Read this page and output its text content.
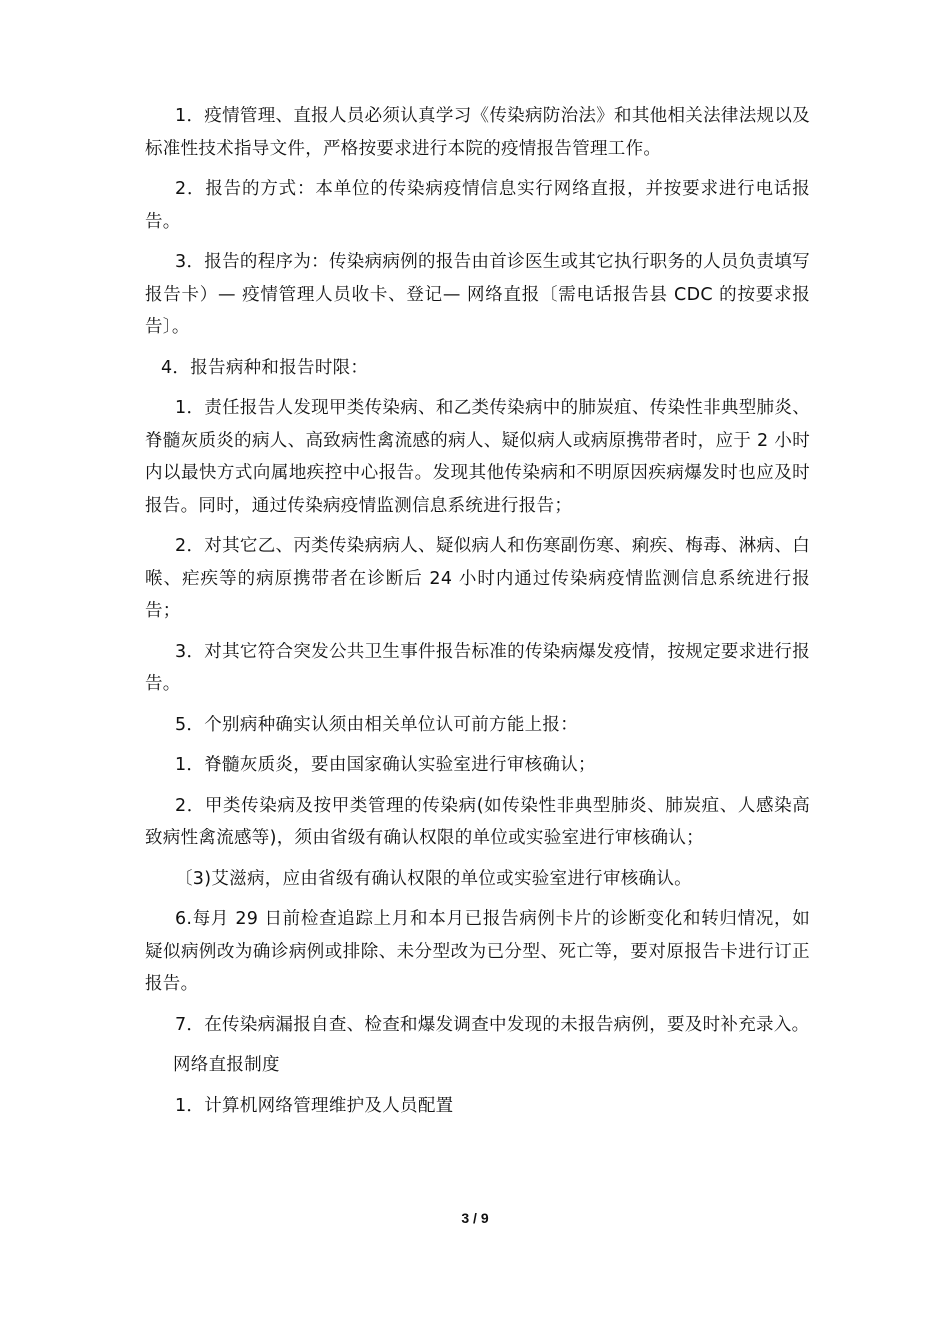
1．疫情管理、直报人员必须认真学习《传染病防治法》和其他相关法律法规以及标准性技术指导文件，严格按要求进行本院的疫情报告管理工作。

2．报告的方式：本单位的传染病疫情信息实行网络直报，并按要求进行电话报告。

3．报告的程序为：传染病病例的报告由首诊医生或其它执行职务的人员负责填写报告卡）— 疫情管理人员收卡、登记— 网络直报〔需电话报告县 CDC 的按要求报告〕。

4．报告病种和报告时限：

1．责任报告人发现甲类传染病、和乙类传染病中的肺炭疽、传染性非典型肺炎、脊髓灰质炎的病人、高致病性禽流感的病人、疑似病人或病原携带者时，应于 2 小时内以最快方式向属地疾控中心报告。发现其他传染病和不明原因疾病爆发时也应及时报告。同时，通过传染病疫情监测信息系统进行报告；

2．对其它乙、丙类传染病病人、疑似病人和伤寒副伤寒、痢疾、梅毒、淋病、白喉、疟疾等的病原携带者在诊断后 24 小时内通过传染病疫情监测信息系统进行报告；

3．对其它符合突发公共卫生事件报告标准的传染病爆发疫情，按规定要求进行报告。

5．个别病种确实认须由相关单位认可前方能上报：

1．脊髓灰质炎，要由国家确认实验室进行审核确认；

2．甲类传染病及按甲类管理的传染病(如传染性非典型肺炎、肺炭疽、人感染高致病性禽流感等)，须由省级有确认权限的单位或实验室进行审核确认；

〔3)艾滋病，应由省级有确认权限的单位或实验室进行审核确认。

6.每月 29 日前检查追踪上月和本月已报告病例卡片的诊断变化和转归情况，如疑似病例改为确诊病例或排除、未分型改为已分型、死亡等，要对原报告卡进行订正报告。

7．在传染病漏报自查、检查和爆发调查中发现的未报告病例，要及时补充录入。

网络直报制度

1．计算机网络管理维护及人员配置

3 / 9
